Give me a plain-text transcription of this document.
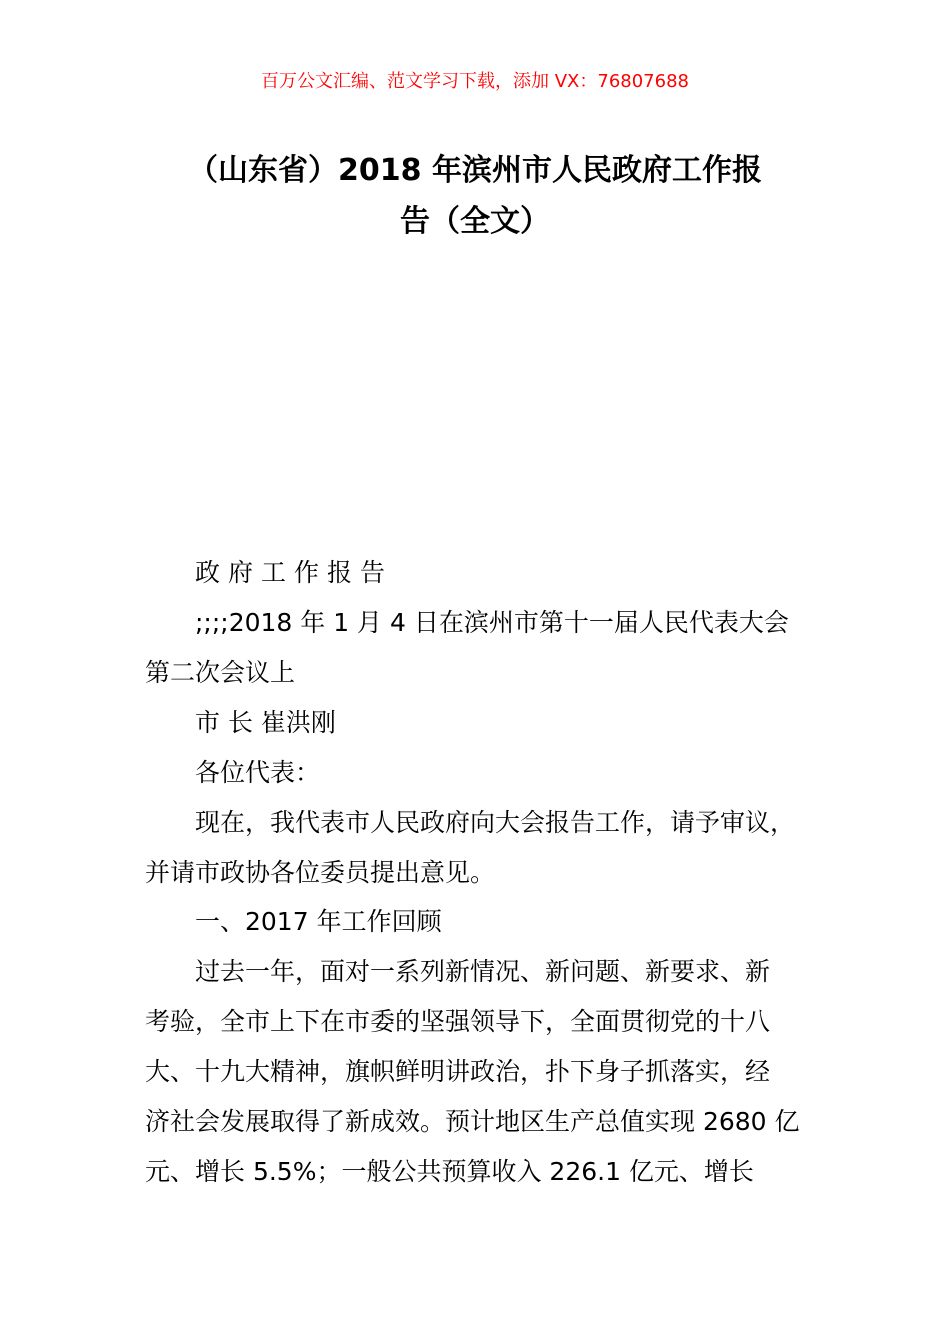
百万公文汇编、范文学习下载，添加 VX：76807688
（山东省）2018 年滨州市人民政府工作报
告（全文）
政府工作报告
;;;;2018 年 1 月 4 日在滨州市第十一届人民代表大会
第二次会议上
市 长 崔洪刚
各位代表：
现在，我代表市人民政府向大会报告工作，请予审议，
并请市政协各位委员提出意见。
一、2017 年工作回顾
过去一年，面对一系列新情况、新问题、新要求、新
考验，全市上下在市委的坚强领导下，全面贯彻党的十八
大、十九大精神，旗帜鲜明讲政治，扑下身子抓落实，经
济社会发展取得了新成效。预计地区生产总值实现 2680 亿
元、增长 5.5%；一般公共预算收入 226.1 亿元、增长
